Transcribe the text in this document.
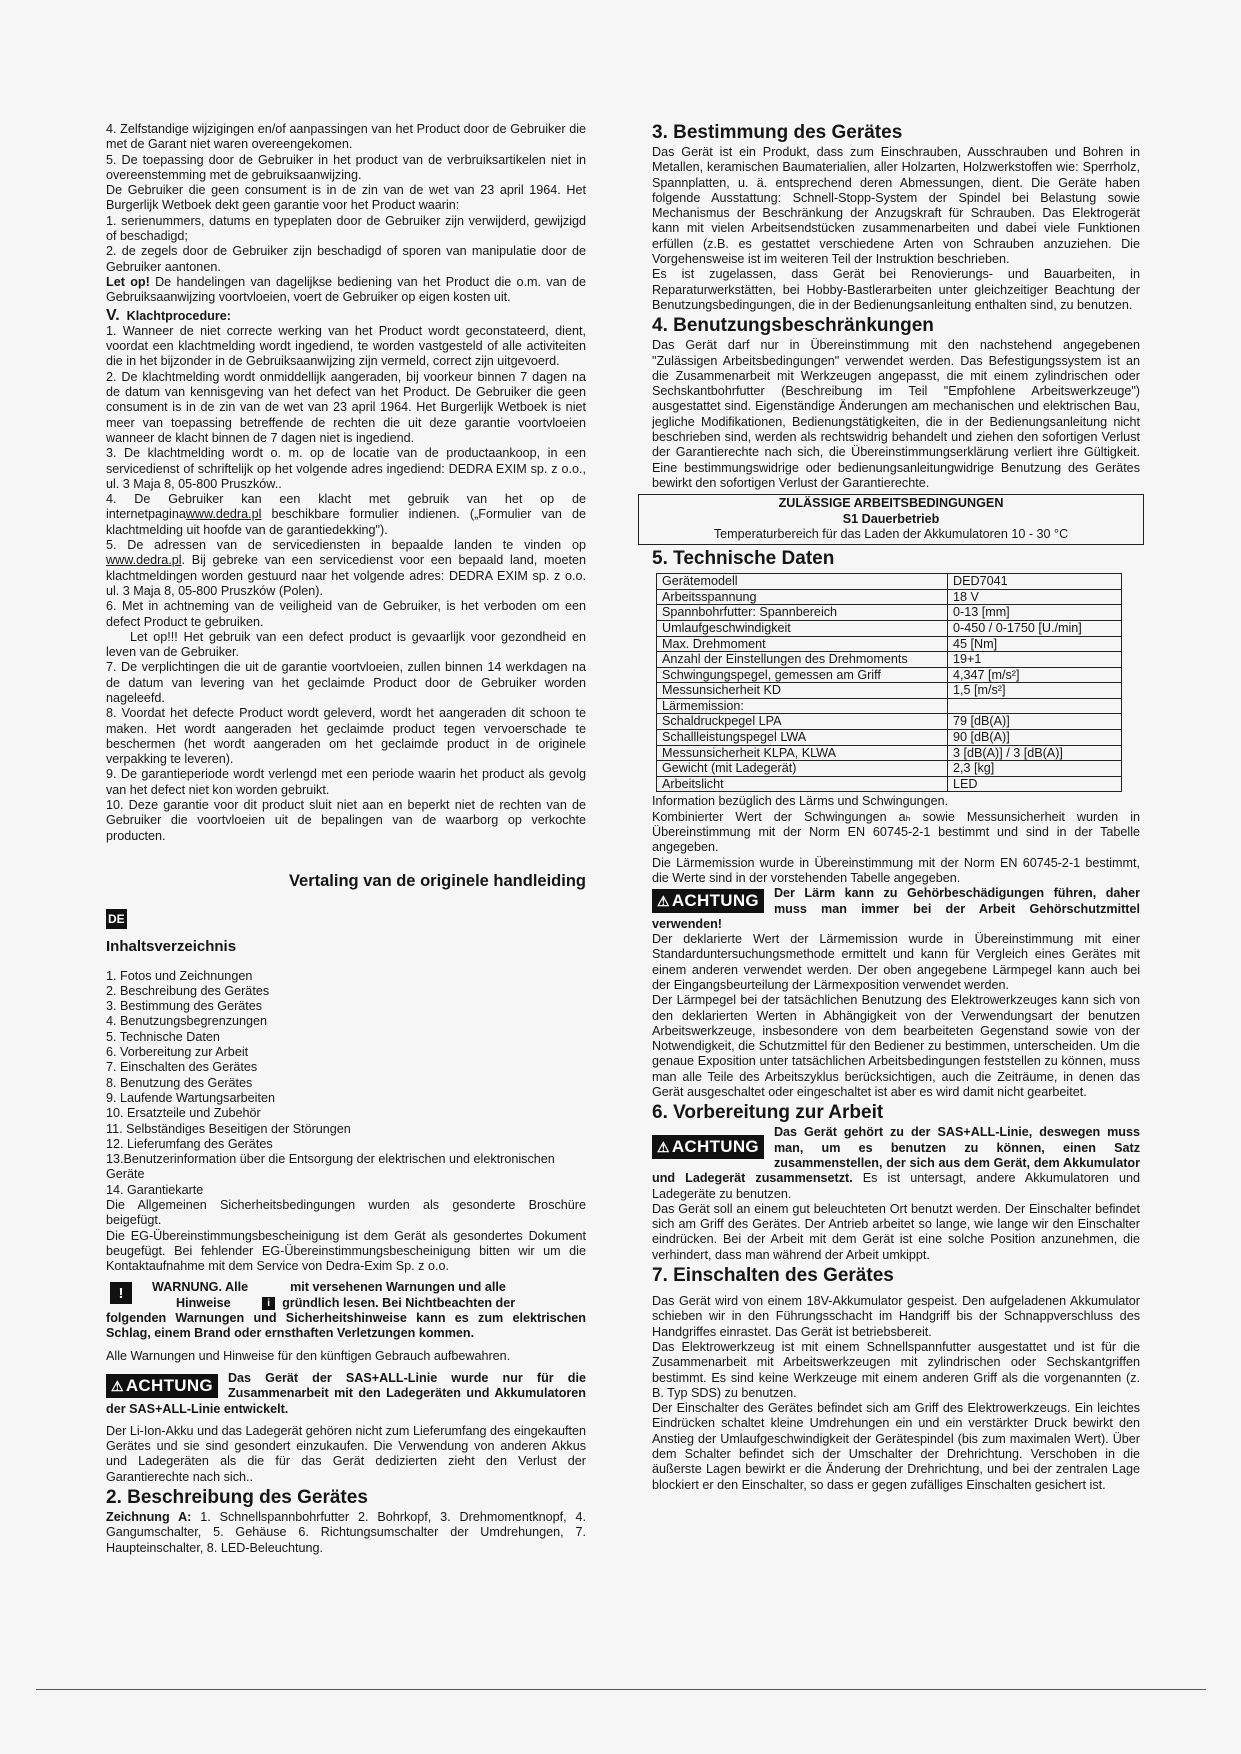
4. Zelfstandige wijzigingen en/of aanpassingen van het Product door de Gebruiker die met de Garant niet waren overeengekomen.

5. De toepassing door de Gebruiker in het product van de verbruiksartikelen niet in overeenstemming met de gebruiksaanwijzing.

De Gebruiker die geen consument is in de zin van de wet van 23 april 1964. Het Burgerlijk Wetboek dekt geen garantie voor het Product waarin:

1. serienummers, datums en typeplaten door de Gebruiker zijn verwijderd, gewijzigd of beschadigd;

2. de zegels door de Gebruiker zijn beschadigd of sporen van manipulatie door de Gebruiker aantonen.

Let op! De handelingen van dagelijkse bediening van het Product die o.m. van de Gebruiksaanwijzing voortvloeien, voert de Gebruiker op eigen kosten uit.

V. Klachtprocedure:

1. Wanneer de niet correcte werking van het Product wordt geconstateerd, dient, voordat een klachtmelding wordt ingediend, te worden vastgesteld of alle activiteiten die in het bijzonder in de Gebruiksaanwijzing zijn vermeld, correct zijn uitgevoerd.

2. De klachtmelding wordt onmiddellijk aangeraden, bij voorkeur binnen 7 dagen na de datum van kennisgeving van het defect van het Product. De Gebruiker die geen consument is in de zin van de wet van 23 april 1964. Het Burgerlijk Wetboek is niet meer van toepassing betreffende de rechten die uit deze garantie voortvloeien wanneer de klacht binnen de 7 dagen niet is ingediend.

3. De klachtmelding wordt o. m. op de locatie van de productaankoop, in een servicedienst of schriftelijk op het volgende adres ingediend: DEDRA EXIM sp. z o.o., ul. 3 Maja 8, 05-800 Pruszków..

4. De Gebruiker kan een klacht met gebruik van het op de internetpaginawww.dedra.pl beschikbare formulier indienen. („Formulier van de klachtmelding uit hoofde van de garantiedekking").

5. De adressen van de servicediensten in bepaalde landen te vinden op www.dedra.pl. Bij gebreke van een servicedienst voor een bepaald land, moeten klachtmeldingen worden gestuurd naar het volgende adres: DEDRA EXIM sp. z o.o. ul. 3 Maja 8, 05-800 Pruszków (Polen).

6. Met in achtneming van de veiligheid van de Gebruiker, is het verboden om een defect Product te gebruiken.

Let op!!! Het gebruik van een defect product is gevaarlijk voor gezondheid en leven van de Gebruiker.

7. De verplichtingen die uit de garantie voortvloeien, zullen binnen 14 werkdagen na de datum van levering van het geclaimde Product door de Gebruiker worden nageleefd.

8. Voordat het defecte Product wordt geleverd, wordt het aangeraden dit schoon te maken. Het wordt aangeraden het geclaimde product tegen vervoerschade te beschermen (het wordt aangeraden om het geclaimde product in de originele verpakking te leveren).

9. De garantieperiode wordt verlengd met een periode waarin het product als gevolg van het defect niet kon worden gebruikt.

10. Deze garantie voor dit product sluit niet aan en beperkt niet de rechten van de Gebruiker die voortvloeien uit de bepalingen van de waarborg op verkochte producten.

Vertaling van de originele handleiding
DE
Inhaltsverzeichnis

1. Fotos und Zeichnungen

2. Beschreibung des Gerätes

3. Bestimmung des Gerätes

4. Benutzungsbegrenzungen

5. Technische Daten

6. Vorbereitung zur Arbeit

7. Einschalten des Gerätes

8. Benutzung des Gerätes

9. Laufende Wartungsarbeiten

10. Ersatzteile und Zubehör

11. Selbständiges Beseitigen der Störungen

12. Lieferumfang des Gerätes

13.Benutzerinformation über die Entsorgung der elektrischen und elektronischen Geräte

14. Garantiekarte

Die Allgemeinen Sicherheitsbedingungen wurden als gesonderte Broschüre beigefügt.

Die EG-Übereinstimmungsbescheinigung ist dem Gerät als gesondertes Dokument beugefügt. Bei fehlender EG-Übereinstimmungsbescheinigung bitten wir um die Kontaktaufnahme mit dem Service von Dedra-Exim Sp. z o.o.

!	WARNUNG. Alle	mit versehenen Warnungen und alle
Hinweise	i gründlich lesen. Bei Nichtbeachten der

folgenden Warnungen und Sicherheitshinweise kann es zum elektrischen Schlag, einem Brand oder ernsthaften Verletzungen kommen.

Alle Warnungen und Hinweise für den künftigen Gebrauch aufbewahren.

⚠ ACHTUNG	Das Gerät der SAS+ALL-Linie wurde nur für die Zusammenarbeit mit den Ladegeräten und Akkumulatoren der SAS+ALL-Linie entwickelt.

Der Li-Ion-Akku und das Ladegerät gehören nicht zum Lieferumfang des eingekauften Gerätes und sie sind gesondert einzukaufen. Die Verwendung von anderen Akkus und Ladegeräten als die für das Gerät dedizierten zieht den Verlust der Garantierechte nach sich..

2. Beschreibung des Gerätes

Zeichnung A: 1. Schnellspannbohrfutter 2. Bohrkopf, 3. Drehmomentknopf, 4. Gangumschalter, 5. Gehäuse 6. Richtungsumschalter der Umdrehungen, 7. Haupteinschalter, 8. LED-Beleuchtung.

3. Bestimmung des Gerätes

Das Gerät ist ein Produkt, dass zum Einschrauben, Ausschrauben und Bohren in Metallen, keramischen Baumaterialien, aller Holzarten, Holzwerkstoffen wie: Sperrholz, Spannplatten, u. ä. entsprechend deren Abmessungen, dient. Die Geräte haben folgende Ausstattung: Schnell-Stopp-System der Spindel bei Belastung sowie Mechanismus der Beschränkung der Anzugskraft für Schrauben. Das Elektrogerät kann mit vielen Arbeitsendstücken zusammenarbeiten und dabei viele Funktionen erfüllen (z.B. es gestattet verschiedene Arten von Schrauben anzuziehen. Die Vorgehensweise ist im weiteren Teil der Instruktion beschrieben.

Es ist zugelassen, dass Gerät bei Renovierungs- und Bauarbeiten, in Reparaturwerkstätten, bei Hobby-Bastlerarbeiten unter gleichzeitiger Beachtung der Benutzungsbedingungen, die in der Bedienungsanleitung enthalten sind, zu benutzen.

4. Benutzungsbeschränkungen

Das Gerät darf nur in Übereinstimmung mit den nachstehend angegebenen "Zulässigen Arbeitsbedingungen" verwendet werden. Das Befestigungssystem ist an die Zusammenarbeit mit Werkzeugen angepasst, die mit einem zylindrischen oder Sechskantbohrfutter (Beschreibung im Teil "Empfohlene Arbeitswerkzeuge") ausgestattet sind. Eigenständige Änderungen am mechanischen und elektrischen Bau, jegliche Modifikationen, Bedienungstätigkeiten, die in der Bedienungsanleitung nicht beschrieben sind, werden als rechtswidrig behandelt und ziehen den sofortigen Verlust der Garantierechte nach sich, die Übereinstimmungserklärung verliert ihre Gültigkeit. Eine bestimmungswidrige oder bedienungsanleitungwidrige Benutzung des Gerätes bewirkt den sofortigen Verlust der Garantierechte.

ZULÄSSIGE ARBEITSBEDINGUNGEN

S1 Dauerbetrieb

Temperaturbereich für das Laden der Akkumulatoren 10 - 30 °C

5. Technische Daten
Gerätemodell	DED7041
Arbeitsspannung	18 V
Spannbohrfutter: Spannbereich	0-13 [mm]
Umlaufgeschwindigkeit	0-450 / 0-1750 [U./min]
Max. Drehmoment	45 [Nm]
Anzahl der Einstellungen des Drehmoments	19+1
Schwingungspegel, gemessen am Griff	4,347 [m/s²]
Messunsicherheit KD	1,5 [m/s²]
Lärmemission:	
Schaldruckpegel LPA	79 [dB(A)]
Schallleistungspegel LWA	90 [dB(A)]
Messunsicherheit KLPA, KLWA	3 [dB(A)] / 3 [dB(A)]
Gewicht (mit Ladegerät)	2,3 [kg]
Arbeitslicht	LED

Information bezüglich des Lärms und Schwingungen.

Kombinierter Wert der Schwingungen aₕ sowie Messunsicherheit wurden in Übereinstimmung mit der Norm EN 60745-2-1 bestimmt und sind in der Tabelle angegeben.

Die Lärmemission wurde in Übereinstimmung mit der Norm EN 60745-2-1 bestimmt, die Werte sind in der vorstehenden Tabelle angegeben.

⚠ ACHTUNG	Der Lärm kann zu Gehörbeschädigungen führen, daher muss man immer bei der Arbeit Gehörschutzmittel verwenden!

Der deklarierte Wert der Lärmemission wurde in Übereinstimmung mit einer Standarduntersuchungsmethode ermittelt und kann für Vergleich eines Gerätes mit einem anderen verwendet werden. Der oben angegebene Lärmpegel kann auch bei der Eingangsbeurteilung der Lärmexposition verwendet werden.

Der Lärmpegel bei der tatsächlichen Benutzung des Elektrowerkzeuges kann sich von den deklarierten Werten in Abhängigkeit von der Verwendungsart der benutzen Arbeitswerkzeuge, insbesondere von dem bearbeiteten Gegenstand sowie von der Notwendigkeit, die Schutzmittel für den Bediener zu bestimmen, unterscheiden. Um die genaue Exposition unter tatsächlichen Arbeitsbedingungen feststellen zu können, muss man alle Teile des Arbeitszyklus berücksichtigen, auch die Zeiträume, in denen das Gerät ausgeschaltet oder eingeschaltet ist aber es wird damit nicht gearbeitet.

6. Vorbereitung zur Arbeit
⚠ ACHTUNG

Das Gerät gehört zu der SAS+ALL-Linie, deswegen muss man, um es benutzen zu können, einen Satz zusammenstellen, der sich aus dem Gerät, dem Akkumulator und Ladegerät zusammensetzt. Es ist untersagt, andere Akkumulatoren und Ladegeräte zu benutzen.

Das Gerät soll an einem gut beleuchteten Ort benutzt werden. Der Einschalter befindet sich am Griff des Gerätes. Der Antrieb arbeitet so lange, wie lange wir den Einschalter eindrücken. Bei der Arbeit mit dem Gerät ist eine solche Position anzunehmen, die verhindert, dass man während der Arbeit umkippt.

7. Einschalten des Gerätes

Das Gerät wird von einem 18V-Akkumulator gespeist. Den aufgeladenen Akkumulator schieben wir in den Führungsschacht im Handgriff bis der Schnappverschluss des Handgriffes einrastet. Das Gerät ist betriebsbereit.

Das Elektrowerkzeug ist mit einem Schnellspannfutter ausgestattet und ist für die Zusammenarbeit mit Arbeitswerkzeugen mit zylindrischen oder Sechskantgriffen bestimmt. Es sind keine Werkzeuge mit einem anderen Griff als die vorgenannten (z. B. Typ SDS) zu benutzen.

Der Einschalter des Gerätes befindet sich am Griff des Elektrowerkzeugs. Ein leichtes Eindrücken schaltet kleine Umdrehungen ein und ein verstärkter Druck bewirkt den Anstieg der Umlaufgeschwindigkeit der Gerätespindel (bis zum maximalen Wert). Über dem Schalter befindet sich der Umschalter der Drehrichtung. Verschoben in die äußerste Lagen bewirkt er die Änderung der Drehrichtung, und bei der zentralen Lage blockiert er den Einschalter, so dass er gegen zufälliges Einschalten gesichert ist.
